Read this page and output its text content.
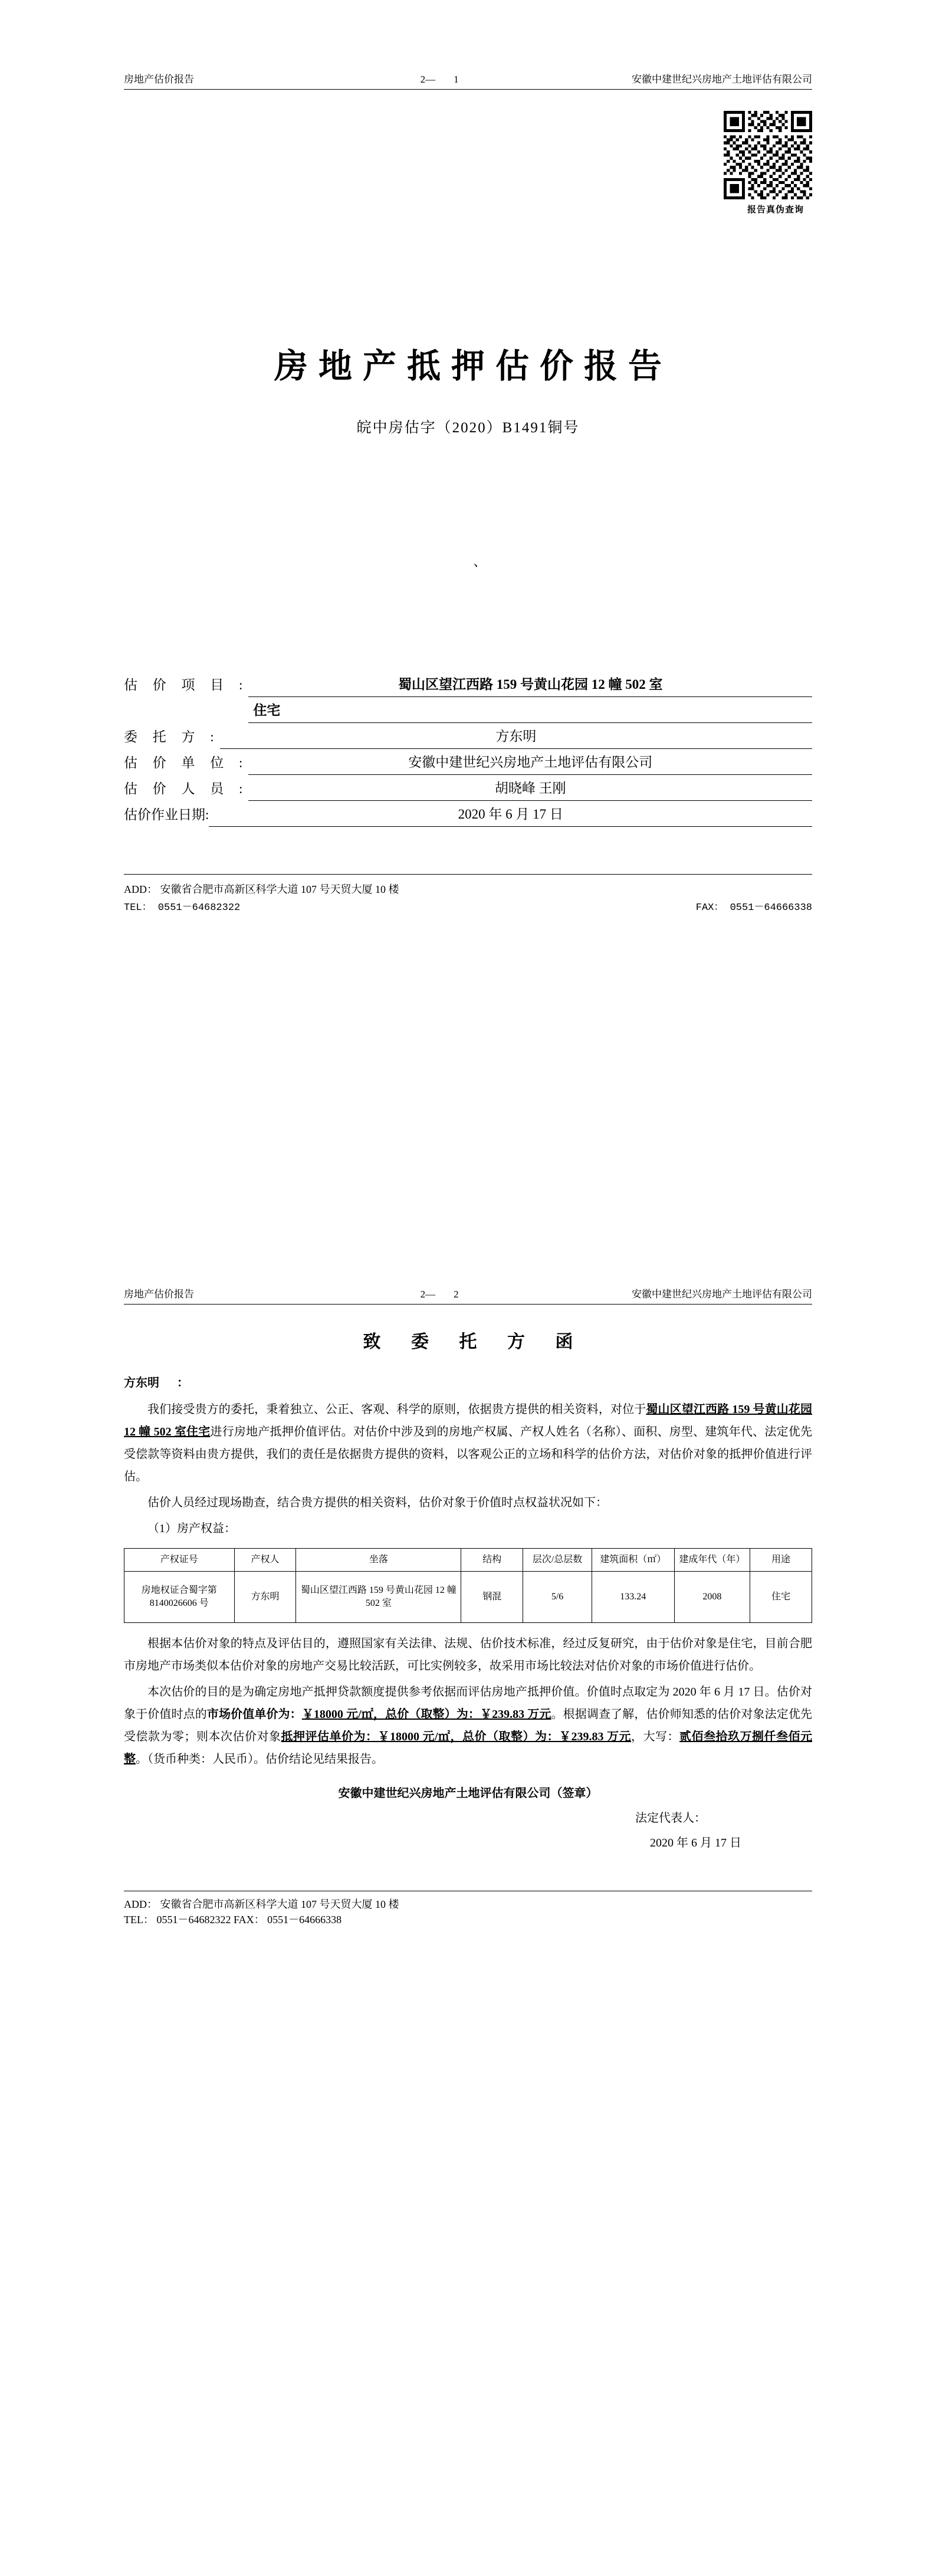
房地产估价报告	2— 1	安徽中建世纪兴房地产土地评估有限公司
报告真伪查询
房地产抵押估价报告
皖中房估字（2020）B1491铜号
、
估 价 项 目 :	蜀山区望江西路 159 号黄山花园 12 幢 502 室
住宅
委 托 方 :	方东明
估 价 单 位 :	安徽中建世纪兴房地产土地评估有限公司
估 价 人 员 :	胡晓峰 王刚
估价作业日期:	2020 年 6 月 17 日
ADD： 安徽省合肥市高新区科学大道 107 号天贸大厦 10 楼
TEL： 0551－64682322	FAX： 0551－64666338
房地产估价报告	2— 2	安徽中建世纪兴房地产土地评估有限公司
致 委 托 方 函
方东明 ：

我们接受贵方的委托，秉着独立、公正、客观、科学的原则，依据贵方提供的相关资料，对位于蜀山区望江西路 159 号黄山花园 12 幢 502 室住宅进行房地产抵押价值评估。对估价中涉及到的房地产权属、产权人姓名（名称）、面积、房型、建筑年代、法定优先受偿款等资料由贵方提供，我们的责任是依据贵方提供的资料，以客观公正的立场和科学的估价方法，对估价对象的抵押价值进行评估。

估价人员经过现场勘查，结合贵方提供的相关资料，估价对象于价值时点权益状况如下：

（1）房产权益：

产权证号	产权人	坐落	结构	层次/总层数	建筑面积（㎡）	建成年代（年）	用途
房地权证合蜀字第 8140026606 号	方东明	蜀山区望江西路 159 号黄山花园 12 幢 502 室	钢混	5/6	133.24	2008	住宅

根据本估价对象的特点及评估目的，遵照国家有关法律、法规、估价技术标准，经过反复研究，由于估价对象是住宅，目前合肥市房地产市场类似本估价对象的房地产交易比较活跃，可比实例较多，故采用市场比较法对估价对象的市场价值进行估价。

本次估价的目的是为确定房地产抵押贷款额度提供参考依据而评估房地产抵押价值。价值时点取定为 2020 年 6 月 17 日。估价对象于价值时点的市场价值单价为：￥18000 元/㎡，总价（取整）为：￥239.83 万元。根据调查了解，估价师知悉的估价对象法定优先受偿款为零；则本次估价对象抵押评估单价为：￥18000 元/㎡，总价（取整）为：￥239.83 万元，大写：贰佰叁拾玖万捌仟叁佰元整。（货币种类：人民币）。估价结论见结果报告。

安徽中建世纪兴房地产土地评估有限公司（签章）
法定代表人：
2020 年 6 月 17 日
ADD： 安徽省合肥市高新区科学大道 107 号天贸大厦 10 楼
TEL： 0551－64682322 FAX： 0551－64666338
